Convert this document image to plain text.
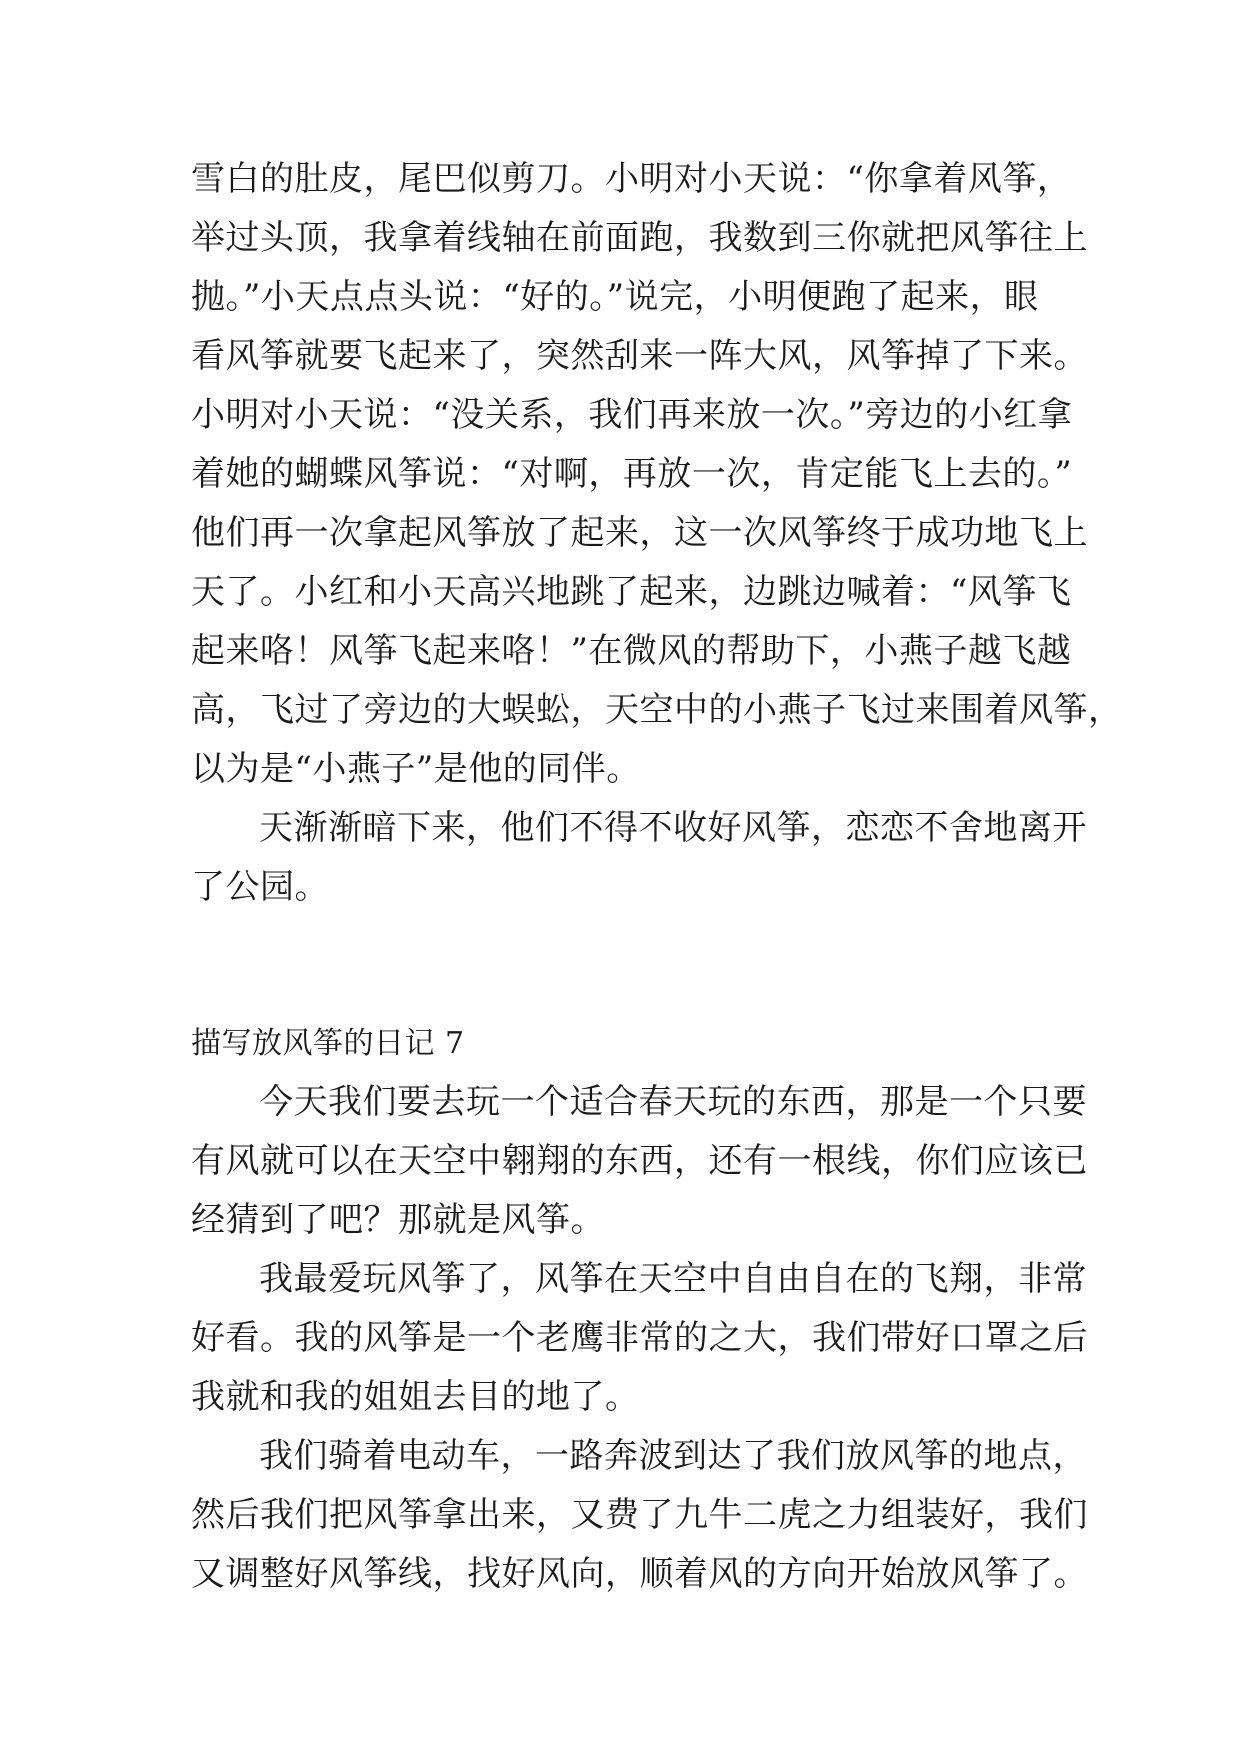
雪白的肚皮，尾巴似剪刀。小明对小天说：“你拿着风筝，
举过头顶，我拿着线轴在前面跑，我数到三你就把风筝往上
抛。”小天点点头说：“好的。”说完，小明便跑了起来，眼
看风筝就要飞起来了，突然刮来一阵大风，风筝掉了下来。
小明对小天说：“没关系，我们再来放一次。”旁边的小红拿
着她的蝴蝶风筝说：“对啊，再放一次，肯定能飞上去的。”
他们再一次拿起风筝放了起来，这一次风筝终于成功地飞上
天了。小红和小天高兴地跳了起来，边跳边喊着：“风筝飞
起来咯！风筝飞起来咯！”在微风的帮助下，小燕子越飞越
高，飞过了旁边的大蜈蚣，天空中的小燕子飞过来围着风筝，
以为是“小燕子”是他的同伴。
天渐渐暗下来，他们不得不收好风筝，恋恋不舍地离开
了公园。
描写放风筝的日记 7
今天我们要去玩一个适合春天玩的东西，那是一个只要
有风就可以在天空中翱翔的东西，还有一根线，你们应该已
经猜到了吧？那就是风筝。
我最爱玩风筝了，风筝在天空中自由自在的飞翔，非常
好看。我的风筝是一个老鹰非常的之大，我们带好口罩之后
我就和我的姐姐去目的地了。
我们骑着电动车，一路奔波到达了我们放风筝的地点，
然后我们把风筝拿出来，又费了九牛二虎之力组装好，我们
又调整好风筝线，找好风向，顺着风的方向开始放风筝了。
